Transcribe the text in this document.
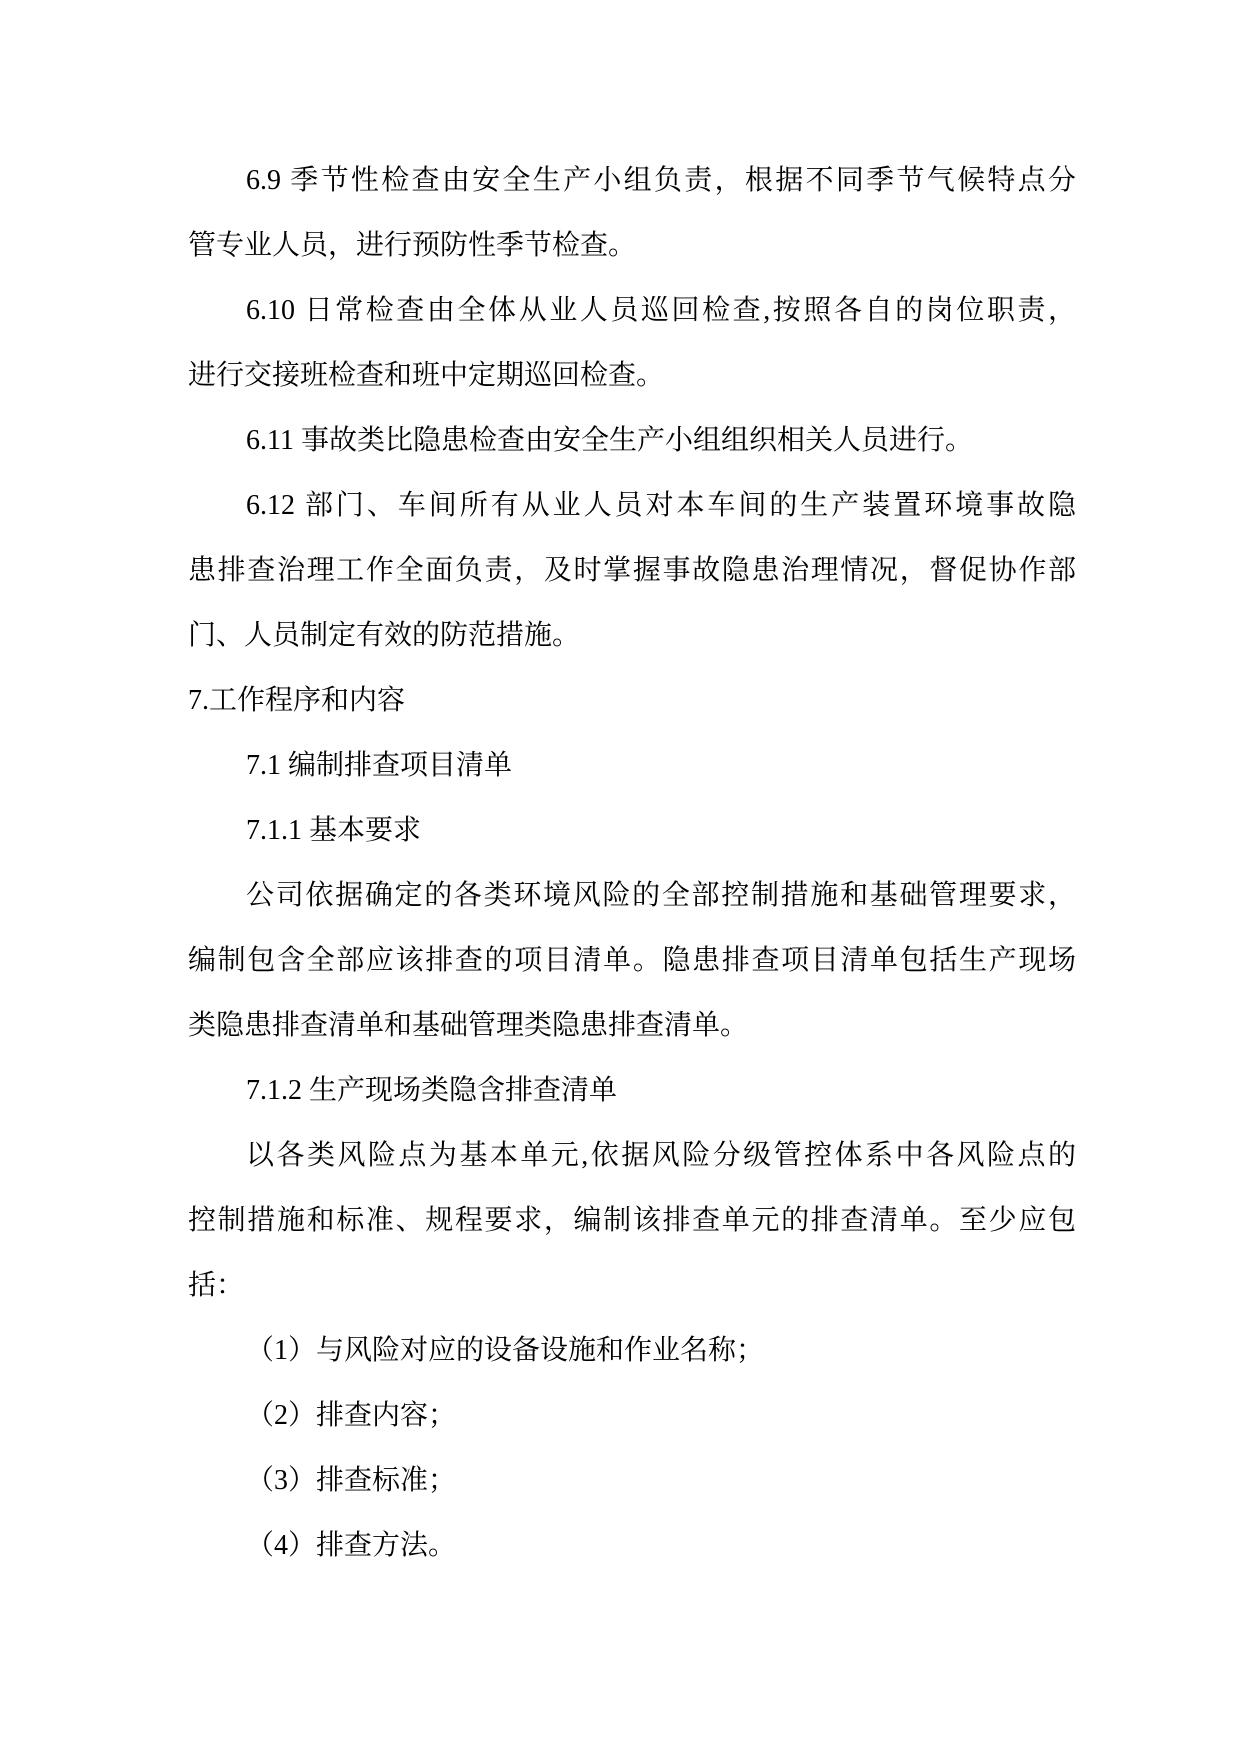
6.9 季节性检查由安全生产小组负责，根据不同季节气候特点分
管专业人员，进行预防性季节检查。
6.10 日常检查由全体从业人员巡回检查,按照各自的岗位职责，
进行交接班检查和班中定期巡回检查。
6.11 事故类比隐患检查由安全生产小组组织相关人员进行。
6.12 部门、车间所有从业人员对本车间的生产装置环境事故隐
患排查治理工作全面负责，及时掌握事故隐患治理情况，督促协作部
门、人员制定有效的防范措施。
7.工作程序和内容
7.1 编制排查项目清单
7.1.1 基本要求
公司依据确定的各类环境风险的全部控制措施和基础管理要求，
编制包含全部应该排查的项目清单。隐患排查项目清单包括生产现场
类隐患排查清单和基础管理类隐患排查清单。
7.1.2 生产现场类隐含排查清单
以各类风险点为基本单元,依据风险分级管控体系中各风险点的
控制措施和标准、规程要求，编制该排查单元的排查清单。至少应包
括：
（1）与风险对应的设备设施和作业名称；
（2）排查内容；
（3）排查标准；
（4）排查方法。
